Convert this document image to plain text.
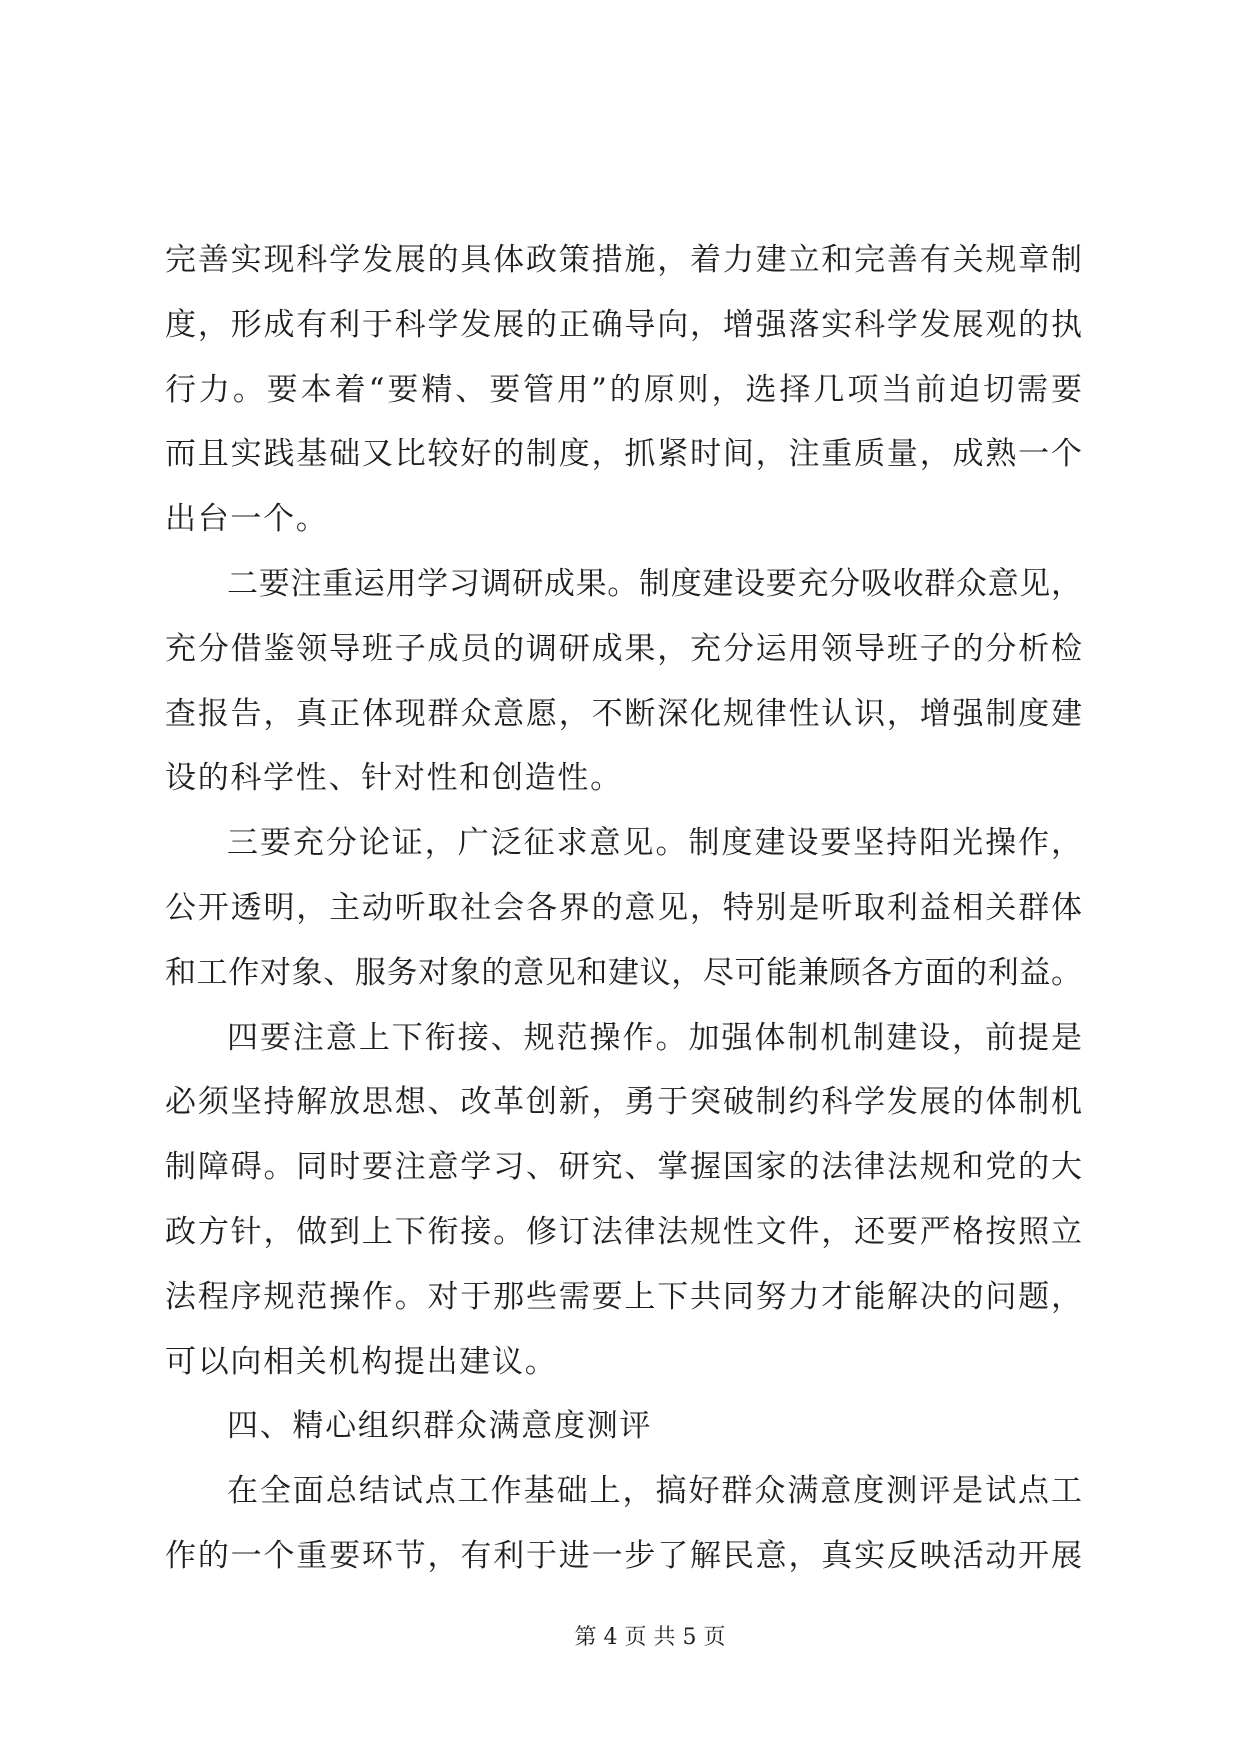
完善实现科学发展的具体政策措施，着力建立和完善有关规章制
度，形成有利于科学发展的正确导向，增强落实科学发展观的执
行力。要本着“要精、要管用”的原则，选择几项当前迫切需要
而且实践基础又比较好的制度，抓紧时间，注重质量，成熟一个
出台一个。
二要注重运用学习调研成果。制度建设要充分吸收群众意见，
充分借鉴领导班子成员的调研成果，充分运用领导班子的分析检
查报告，真正体现群众意愿，不断深化规律性认识，增强制度建
设的科学性、针对性和创造性。
三要充分论证，广泛征求意见。制度建设要坚持阳光操作，
公开透明，主动听取社会各界的意见，特别是听取利益相关群体
和工作对象、服务对象的意见和建议，尽可能兼顾各方面的利益。
四要注意上下衔接、规范操作。加强体制机制建设，前提是
必须坚持解放思想、改革创新，勇于突破制约科学发展的体制机
制障碍。同时要注意学习、研究、掌握国家的法律法规和党的大
政方针，做到上下衔接。修订法律法规性文件，还要严格按照立
法程序规范操作。对于那些需要上下共同努力才能解决的问题，
可以向相关机构提出建议。
四、精心组织群众满意度测评
在全面总结试点工作基础上，搞好群众满意度测评是试点工
作的一个重要环节，有利于进一步了解民意，真实反映活动开展
第 4 页 共 5 页
